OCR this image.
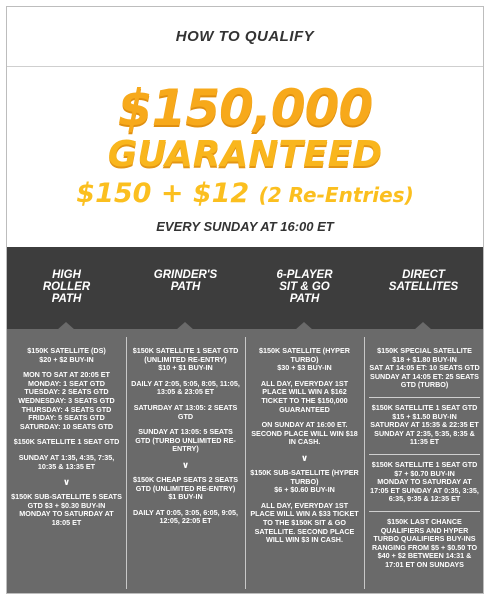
HOW TO QUALIFY
$150,000
GUARANTEED
$150 + $12 (2 Re-Entries)
EVERY SUNDAY AT 16:00 ET
HIGH
ROLLER
PATH
GRINDER'S
PATH
6-PLAYER
SIT & GO
PATH
DIRECT
SATELLITES

$150K SATELLITE (DS)
$20 + $2 BUY-IN

MON TO SAT AT 20:05 ET
MONDAY: 1 SEAT GTD
TUESDAY: 2 SEATS GTD
WEDNESDAY: 3 SEATS GTD
THURSDAY: 4 SEATS GTD
FRIDAY: 5 SEATS GTD
SATURDAY: 10 SEATS GTD

$150K SATELLITE 1 SEAT GTD

SUNDAY AT 1:35, 4:35, 7:35, 10:35 & 13:35 ET

∨

$150K SUB-SATELLITE 5 SEATS GTD $3 + $0.30 BUY-IN
MONDAY TO SATURDAY AT 18:05 ET

$150K SATELLITE 1 SEAT GTD (UNLIMITED RE-ENTRY)
$10 + $1 BUY-IN

DAILY AT 2:05, 5:05, 8:05, 11:05, 13:05 & 23:05 ET

SATURDAY AT 13:05: 2 SEATS GTD

SUNDAY AT 13:05: 5 SEATS GTD (TURBO UNLIMITED RE-ENTRY)

∨

$150K CHEAP SEATS 2 SEATS GTD (UNLIMITED RE-ENTRY)
$1 BUY-IN

DAILY AT 0:05, 3:05, 6:05, 9:05, 12:05, 22:05 ET

$150K SATELLITE (HYPER TURBO)
$30 + $3 BUY-IN

ALL DAY, EVERYDAY 1ST PLACE WILL WIN A $162 TICKET TO THE $150,000 GUARANTEED

ON SUNDAY AT 16:00 ET. SECOND PLACE WILL WIN $18 IN CASH.

∨

$150K SUB-SATELLITE (HYPER TURBO)
$6 + $0.60 BUY-IN

ALL DAY, EVERYDAY 1ST PLACE WILL WIN A $33 TICKET TO THE $150K SIT & GO SATELLITE. SECOND PLACE WILL WIN $3 IN CASH.

$150K SPECIAL SATELLITE
$18 + $1.80 BUY-IN
SAT AT 14:05 ET: 10 SEATS GTD SUNDAY AT 14:05 ET: 25 SEATS GTD (TURBO)

$150K SATELLITE 1 SEAT GTD
$15 + $1.50 BUY-IN
SATURDAY AT 15:35 & 22:35 ET
SUNDAY AT 2:35, 5:35, 8:35 & 11:35 ET

$150K SATELLITE 1 SEAT GTD
$7 + $0.70 BUY-IN
MONDAY TO SATURDAY AT 17:05 ET SUNDAY AT 0:35, 3:35, 6:35, 9:35 & 12:35 ET

$150K LAST CHANCE QUALIFIERS AND HYPER TURBO QUALIFIERS BUY-INS RANGING FROM $5 + $0.50 TO $40 + $2 BETWEEN 14:31 & 17:01 ET ON SUNDAYS
